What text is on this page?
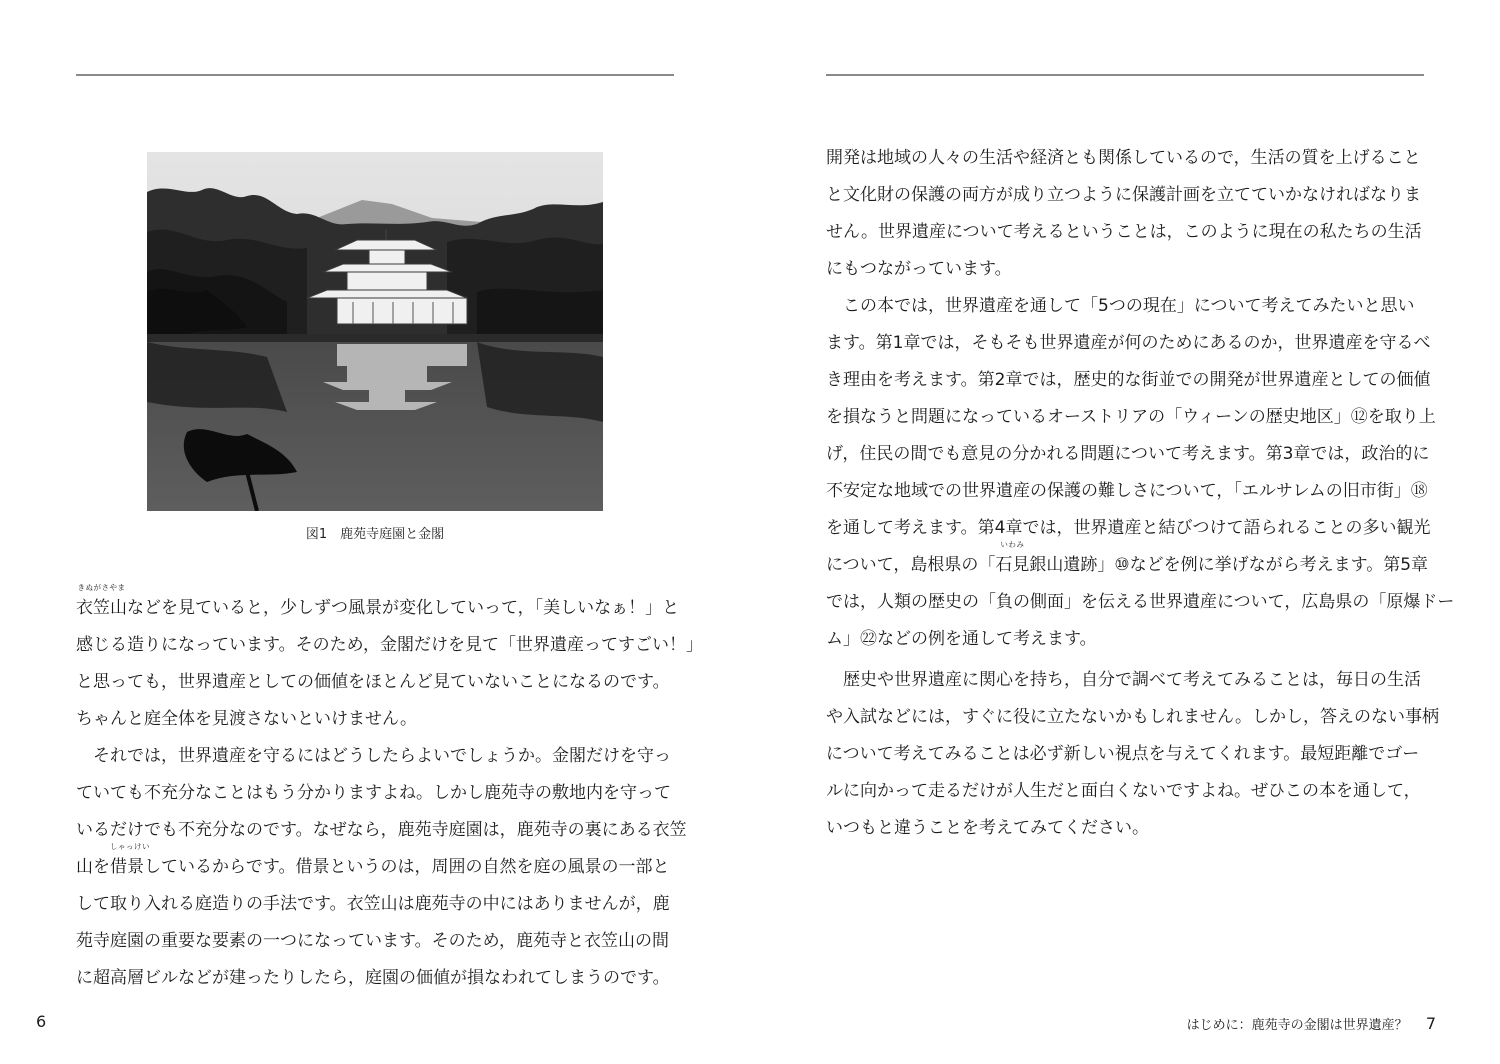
図1　鹿苑寺庭園と金閣
衣笠山
きぬがさやま
などを見ていると，少しずつ風景が変化していって，「美しいなぁ！」と
感じる造りになっています。そのため，金閣だけを見て「世界遺産ってすごい！」
と思っても，世界遺産としての価値をほとんど見ていないことになるのです。
ちゃんと庭全体を見渡さないといけません。
　それでは，世界遺産を守るにはどうしたらよいでしょうか。金閣だけを守っ
ていても不充分なことはもう分かりますよね。しかし鹿苑寺の敷地内を守って
いるだけでも不充分なのです。なぜなら，鹿苑寺庭園は，鹿苑寺の裏にある衣笠
山を借景
しゃっけい
しているからです。借景というのは，周囲の自然を庭の風景の一部と
して取り入れる庭造りの手法です。衣笠山は鹿苑寺の中にはありませんが，鹿
苑寺庭園の重要な要素の一つになっています。そのため，鹿苑寺と衣笠山の間
に超高層ビルなどが建ったりしたら，庭園の価値が損なわれてしまうのです。
6
開発は地域の人々の生活や経済とも関係しているので，生活の質を上げること
と文化財の保護の両方が成り立つように保護計画を立てていかなければなりま
せん。世界遺産について考えるということは，このように現在の私たちの生活
にもつながっています。
　この本では，世界遺産を通して「5つの現在」について考えてみたいと思い
ます。第1章では，そもそも世界遺産が何のためにあるのか，世界遺産を守るべ
き理由を考えます。第2章では，歴史的な街並での開発が世界遺産としての価値
を損なうと問題になっているオーストリアの「ウィーンの歴史地区」⑫を取り上
げ，住民の間でも意見の分かれる問題について考えます。第3章では，政治的に
不安定な地域での世界遺産の保護の難しさについて，「エルサレムの旧市街」⑱
を通して考えます。第4章では，世界遺産と結びつけて語られることの多い観光
について，島根県の「石見
いわみ
銀山遺跡」⑩などを例に挙げながら考えます。第5章
では，人類の歴史の「負の側面」を伝える世界遺産について，広島県の「原爆ドー
ム」㉒などの例を通して考えます。
　歴史や世界遺産に関心を持ち，自分で調べて考えてみることは，毎日の生活
や入試などには，すぐに役に立たないかもしれません。しかし，答えのない事柄
について考えてみることは必ず新しい視点を与えてくれます。最短距離でゴー
ルに向かって走るだけが人生だと面白くないですよね。ぜひこの本を通して，
いつもと違うことを考えてみてください。
はじめに：鹿苑寺の金閣は世界遺産？ 7
